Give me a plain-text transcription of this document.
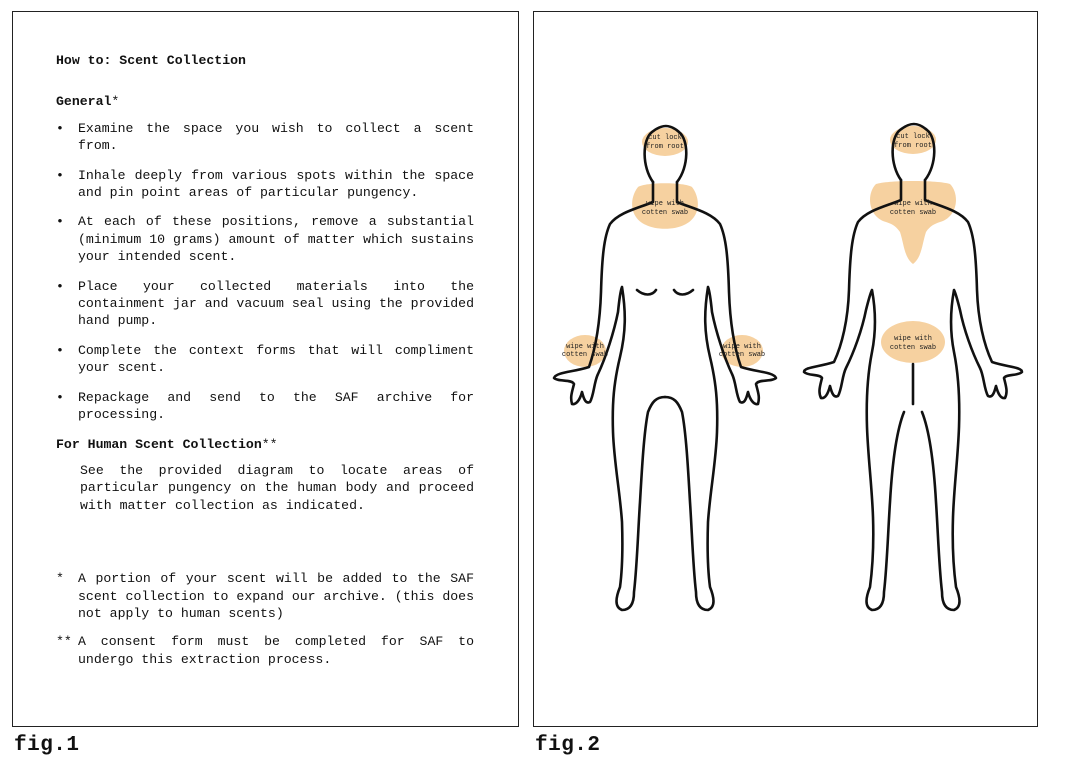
How to: Scent Collection
General*
• Examine the space you wish to collect a scent from.
• Inhale deeply from various spots within the space and pin point areas of particular pungency.
• At each of these positions, remove a substantial (minimum 10 grams) amount of matter which sustains your intended scent.
• Place your collected materials into the containment jar and vacuum seal using the provided hand pump.
• Complete the context forms that will compliment your scent.
• Repackage and send to the SAF archive for processing.
For Human Scent Collection**
See the provided diagram to locate areas of particular pungency on the human body and proceed with matter collection as indicated.
*	A portion of your scent will be added to the SAF scent collection to expand our archive. (this does not apply to human scents)
** A consent form must be completed for SAF to undergo this extraction process.
cut lock
from root
wipe with
cotten swab
wipe with
cotten swab
wipe with
cotten swab
cut lock
from root
wipe with
cotten swab
wipe with
cotten swab
fig.1	fig.2
